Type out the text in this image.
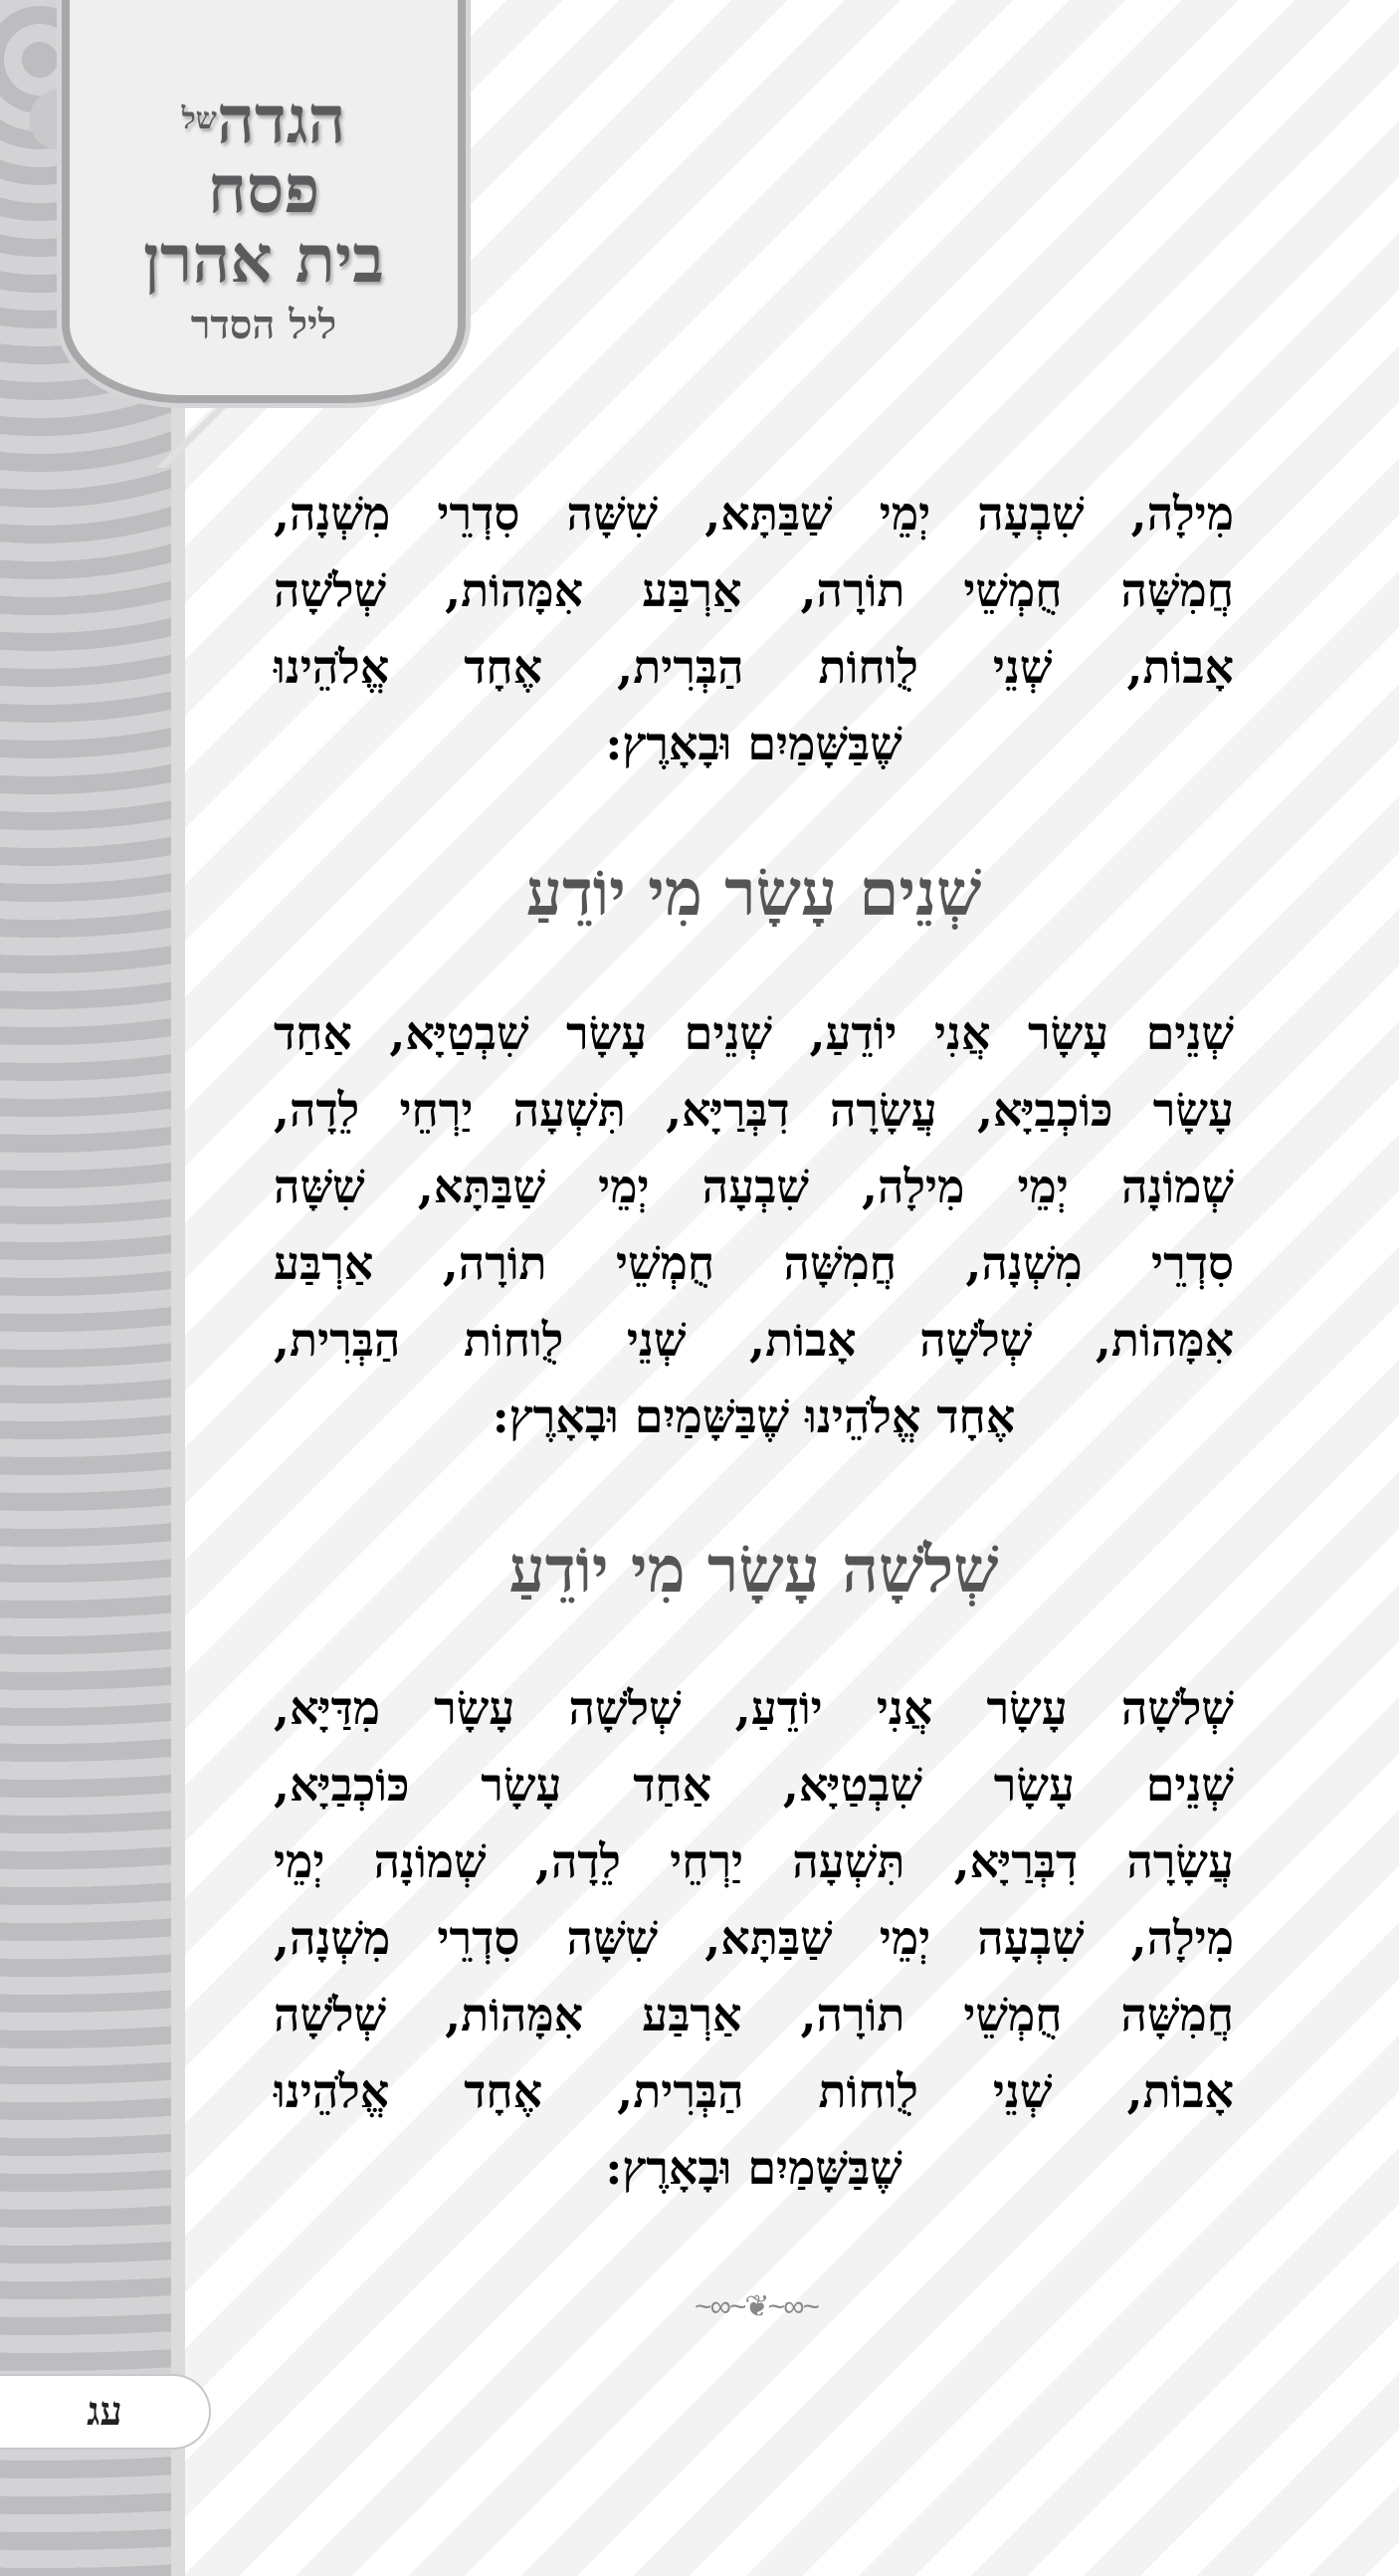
הגדה$^{של}$
פסח
בית אהרן
ליל הסדר
מִילָה, שִׁבְעָה יְמֵי שַׁבַּתָּא, שִׁשָּׁה סִדְרֵי מִשְׁנָה,
חֲמִשָּׁה חֻמְשֵׁי תוֹרָה, אַרְבַּע אִמָּהוֹת, שְׁלֹשָׁה
אָבוֹת, שְׁנֵי לֻוחוֹת הַבְּרִית, אֶחָד אֱלֹהֵינוּ
שֶׁבַּשָּׁמַיִם וּבָאָרֶץ:
שְׁנֵים עָשָׂר מִי יוֹדֵעַ
שְׁנֵים עָשָׂר אֲנִי יוֹדֵעַ, שְׁנֵים עָשָׂר שִׁבְטַיָּא, אַחַד
עָשָׂר כּוֹכְבַיָּא, עֲשָׂרָה דִבְּרַיָּא, תִּשְׁעָה יַרְחֵי לֵדָה,
שְׁמוֹנָה יְמֵי מִילָה, שִׁבְעָה יְמֵי שַׁבַּתָּא, שִׁשָּׁה
סִדְרֵי מִשְׁנָה, חֲמִשָּׁה חֻמְשֵׁי תוֹרָה, אַרְבַּע
אִמָּהוֹת, שְׁלֹשָׁה אָבוֹת, שְׁנֵי לֻוחוֹת הַבְּרִית,
אֶחָד אֱלֹהֵינוּ שֶׁבַּשָּׁמַיִם וּבָאָרֶץ:
שְׁלֹשָׁה עָשָׂר מִי יוֹדֵעַ
שְׁלֹשָׁה עָשָׂר אֲנִי יוֹדֵעַ, שְׁלֹשָׁה עָשָׂר מִדַּיָּא,
שְׁנֵים עָשָׂר שִׁבְטַיָּא, אַחַד עָשָׂר כּוֹכְבַיָּא,
עֲשָׂרָה דִבְּרַיָּא, תִּשְׁעָה יַרְחֵי לֵדָה, שְׁמוֹנָה יְמֵי
מִילָה, שִׁבְעָה יְמֵי שַׁבַּתָּא, שִׁשָּׁה סִדְרֵי מִשְׁנָה,
חֲמִשָּׁה חֻמְשֵׁי תוֹרָה, אַרְבַּע אִמָּהוֹת, שְׁלֹשָׁה
אָבוֹת, שְׁנֵי לֻוחוֹת הַבְּרִית, אֶחָד אֱלֹהֵינוּ
שֶׁבַּשָּׁמַיִם וּבָאָרֶץ:
~∞~❦~∞~
עג
